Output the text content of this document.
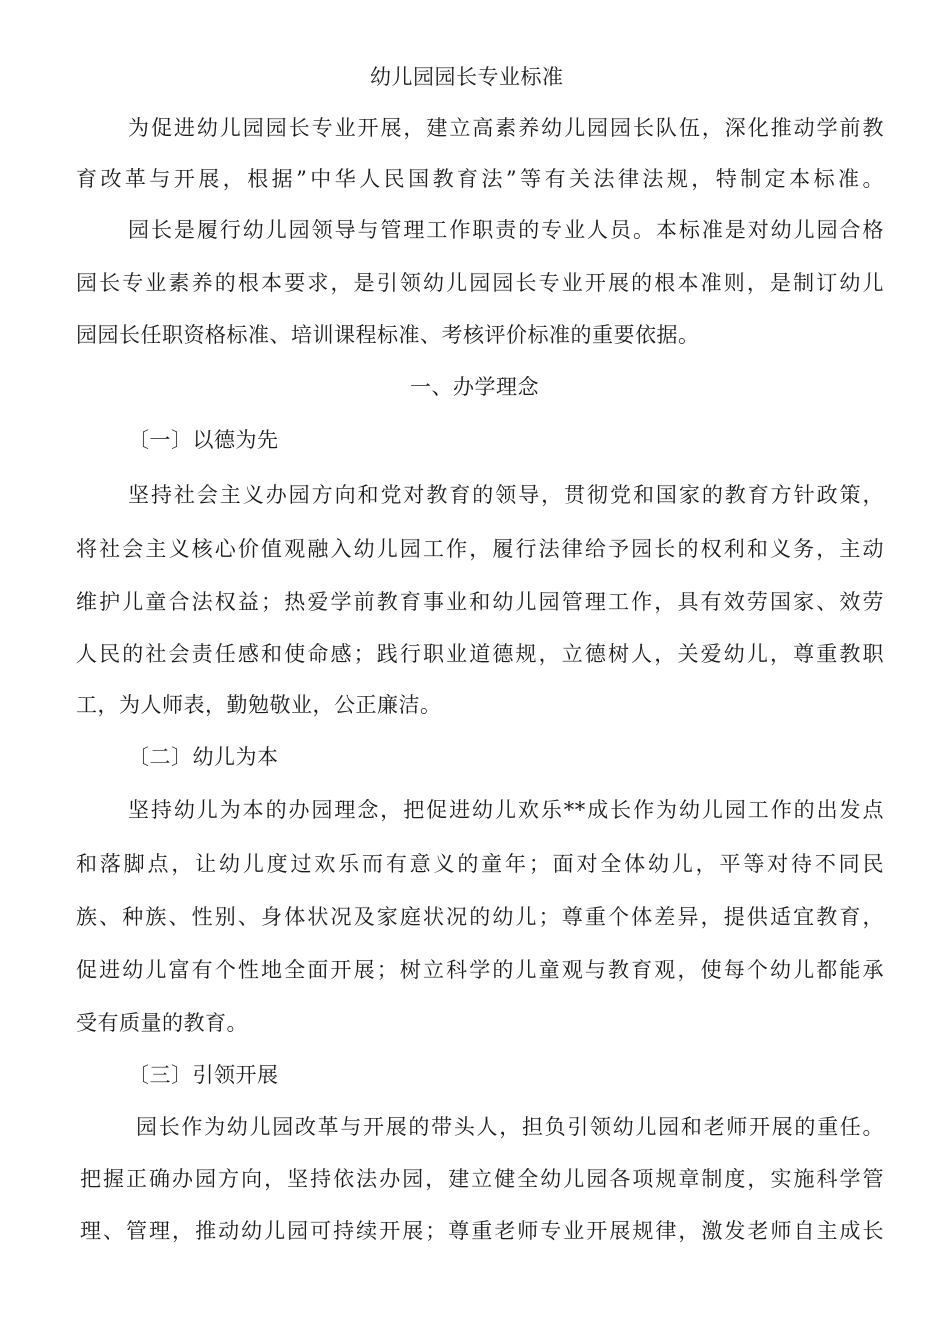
幼儿园园长专业标准
为促进幼儿园园长专业开展，建立高素养幼儿园园长队伍，深化推动学前教
育改革与开展，根据”中华人民国教育法”等有关法律法规，特制定本标准。
园长是履行幼儿园领导与管理工作职责的专业人员。本标准是对幼儿园合格
园长专业素养的根本要求，是引领幼儿园园长专业开展的根本准则，是制订幼儿
园园长任职资格标准、培训课程标准、考核评价标准的重要依据。
一、办学理念
〔一〕以德为先
坚持社会主义办园方向和党对教育的领导，贯彻党和国家的教育方针政策，
将社会主义核心价值观融入幼儿园工作，履行法律给予园长的权利和义务，主动
维护儿童合法权益；热爱学前教育事业和幼儿园管理工作，具有效劳国家、效劳
人民的社会责任感和使命感；践行职业道德规，立德树人，关爱幼儿，尊重教职
工，为人师表，勤勉敬业，公正廉洁。
〔二〕幼儿为本
坚持幼儿为本的办园理念，把促进幼儿欢乐**成长作为幼儿园工作的出发点
和落脚点，让幼儿度过欢乐而有意义的童年；面对全体幼儿，平等对待不同民
族、种族、性别、身体状况及家庭状况的幼儿；尊重个体差异，提供适宜教育，
促进幼儿富有个性地全面开展；树立科学的儿童观与教育观，使每个幼儿都能承
受有质量的教育。
〔三〕引领开展
园长作为幼儿园改革与开展的带头人，担负引领幼儿园和老师开展的重任。
把握正确办园方向，坚持依法办园，建立健全幼儿园各项规章制度，实施科学管
理、管理，推动幼儿园可持续开展；尊重老师专业开展规律，激发老师自主成长
